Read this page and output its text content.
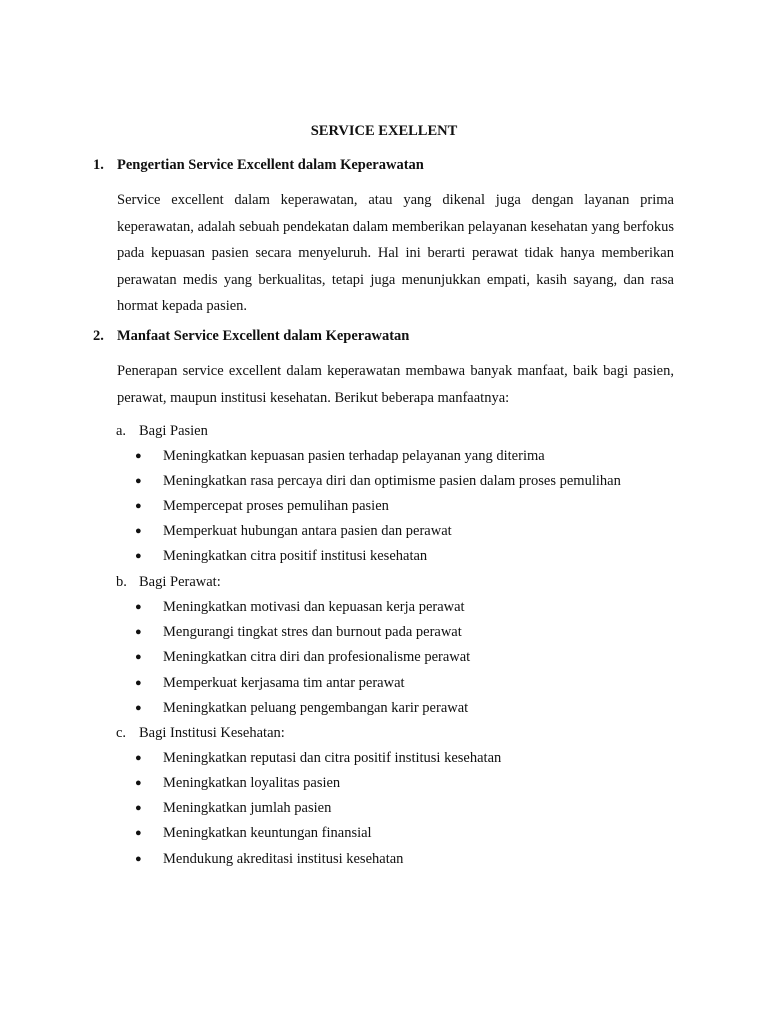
SERVICE EXELLENT
1. Pengertian Service Excellent dalam Keperawatan
Service excellent dalam keperawatan, atau yang dikenal juga dengan layanan prima keperawatan, adalah sebuah pendekatan dalam memberikan pelayanan kesehatan yang berfokus pada kepuasan pasien secara menyeluruh. Hal ini berarti perawat tidak hanya memberikan perawatan medis yang berkualitas, tetapi juga menunjukkan empati, kasih sayang, dan rasa hormat kepada pasien.
2. Manfaat Service Excellent dalam Keperawatan
Penerapan service excellent dalam keperawatan membawa banyak manfaat, baik bagi pasien, perawat, maupun institusi kesehatan. Berikut beberapa manfaatnya:
a. Bagi Pasien
● Meningkatkan kepuasan pasien terhadap pelayanan yang diterima
● Meningkatkan rasa percaya diri dan optimisme pasien dalam proses pemulihan
● Mempercepat proses pemulihan pasien
● Memperkuat hubungan antara pasien dan perawat
● Meningkatkan citra positif institusi kesehatan
b. Bagi Perawat:
● Meningkatkan motivasi dan kepuasan kerja perawat
● Mengurangi tingkat stres dan burnout pada perawat
● Meningkatkan citra diri dan profesionalisme perawat
● Memperkuat kerjasama tim antar perawat
● Meningkatkan peluang pengembangan karir perawat
c. Bagi Institusi Kesehatan:
● Meningkatkan reputasi dan citra positif institusi kesehatan
● Meningkatkan loyalitas pasien
● Meningkatkan jumlah pasien
● Meningkatkan keuntungan finansial
● Mendukung akreditasi institusi kesehatan
